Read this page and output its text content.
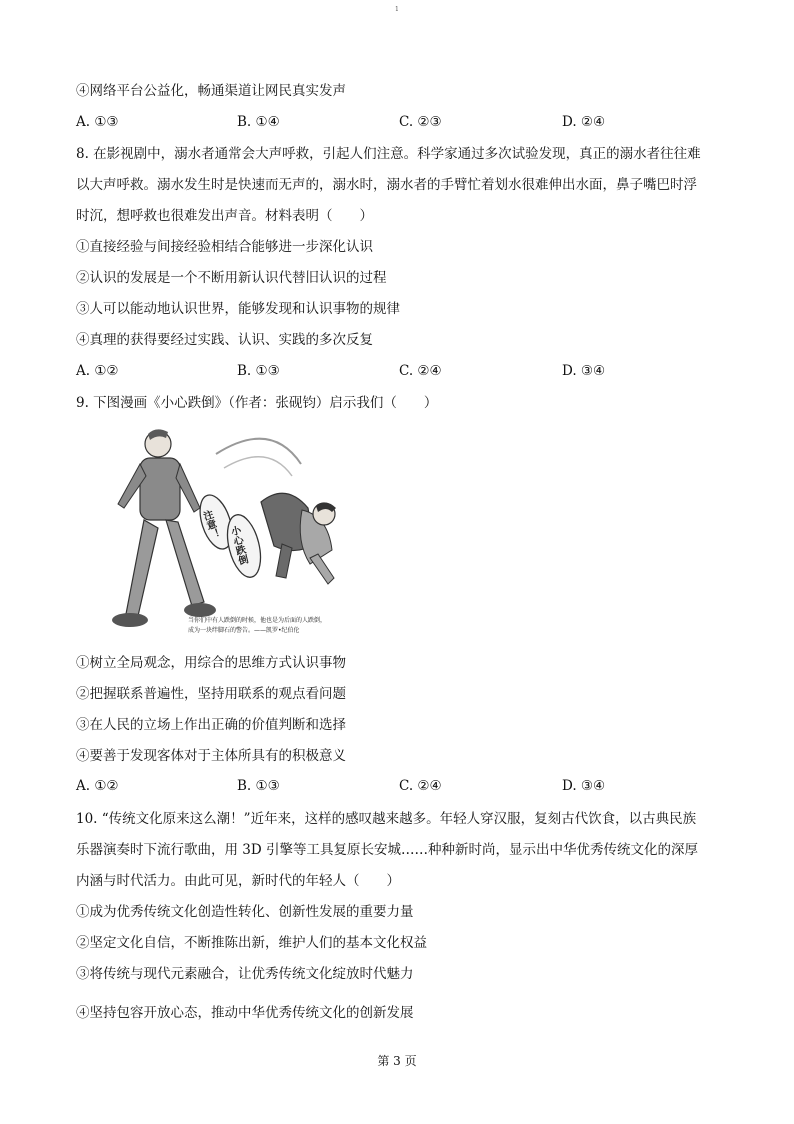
1
④网络平台公益化，畅通渠道让网民真实发声
A. ①③	B. ①④	C. ②③	D. ②④
8. 在影视剧中，溺水者通常会大声呼救，引起人们注意。科学家通过多次试验发现，真正的溺水者往往难
以大声呼救。溺水发生时是快速而无声的，溺水时，溺水者的手臂忙着划水很难伸出水面，鼻子嘴巴时浮
时沉，想呼救也很难发出声音。材料表明（　　）
①直接经验与间接经验相结合能够进一步深化认识
②认识的发展是一个不断用新认识代替旧认识的过程
③人可以能动地认识世界，能够发现和认识事物的规律
④真理的获得要经过实践、认识、实践的多次反复
A. ①②	B. ①③	C. ②④	D. ③④
9. 下图漫画《小心跌倒》（作者：张砚钧）启示我们（　　）
注意！ 小心跌倒
当你们中有人跌倒的时候，他也是为后面的人跌倒，
成为一块绊脚石的警告。——凯罗•纪伯伦
①树立全局观念，用综合的思维方式认识事物
②把握联系普遍性，坚持用联系的观点看问题
③在人民的立场上作出正确的价值判断和选择
④要善于发现客体对于主体所具有的积极意义
A. ①②	B. ①③	C. ②④	D. ③④
10. “传统文化原来这么潮！”近年来，这样的感叹越来越多。年轻人穿汉服，复刻古代饮食，以古典民族
乐器演奏时下流行歌曲，用 3D 引擎等工具复原长安城……种种新时尚，显示出中华优秀传统文化的深厚
内涵与时代活力。由此可见，新时代的年轻人（　　）
①成为优秀传统文化创造性转化、创新性发展的重要力量
②坚定文化自信，不断推陈出新，维护人们的基本文化权益
③将传统与现代元素融合，让优秀传统文化绽放时代魅力
④坚持包容开放心态，推动中华优秀传统文化的创新发展
第 3 页
